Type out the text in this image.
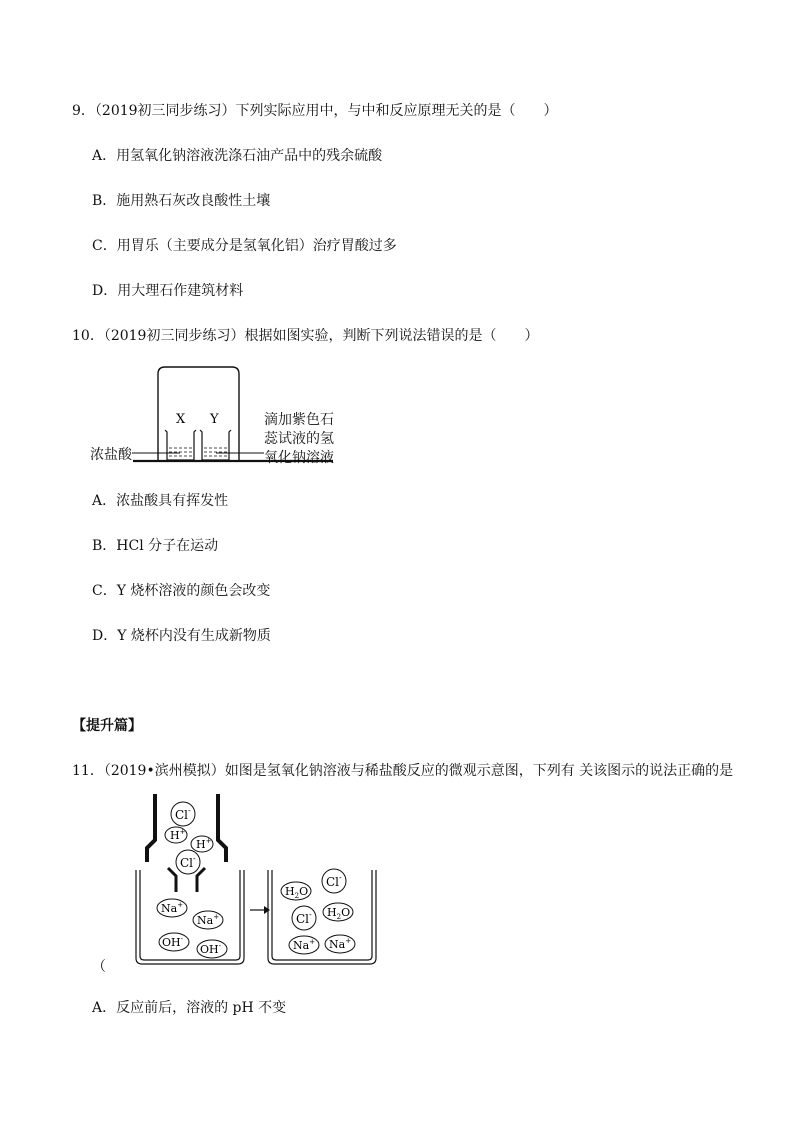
9．（2019初三同步练习）下列实际应用中，与中和反应原理无关的是（　　）
A．用氢氧化钠溶液洗涤石油产品中的残余硫酸
B．施用熟石灰改良酸性土壤
C．用胃乐（主要成分是氢氧化铝）治疗胃酸过多
D．用大理石作建筑材料
10．（2019初三同步练习）根据如图实验，判断下列说法错误的是（　　）
X Y
浓盐酸
滴加紫色石
蕊试液的氢
氧化钠溶液
A．浓盐酸具有挥发性
B．HCl 分子在运动
C．Y 烧杯溶液的颜色会改变
D．Y 烧杯内没有生成新物质
【提升篇】
11．（2019•滨州模拟）如图是氢氧化钠溶液与稀盐酸反应的微观示意图，下列有 关该图示的说法正确的是
Cl-
H+
H+
Cl-
Na+
Na+
OH-
OH-
Cl-
$H_2O$
Cl- $H_2O$
Na+ Na+
（
A．反应前后，溶液的 pH 不变
